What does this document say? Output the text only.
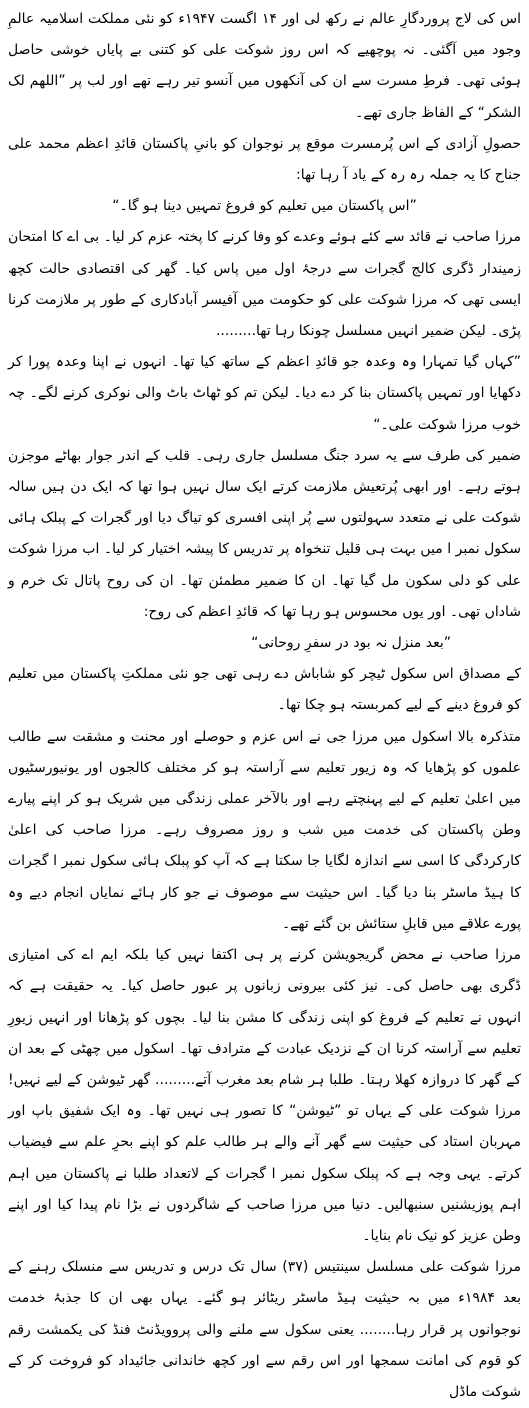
اس کی لاج پروردگارِ عالم نے رکھ لی اور ۱۴ اگست ۱۹۴۷ء کو نئی مملکت اسلامیہ عالمِ وجود میں آگئی۔ نہ پوچھیے کہ اس روز شوکت علی کو کتنی بے پایاں خوشی حاصل ہوئی تھی۔ فرطِ مسرت سے ان کی آنکھوں میں آنسو تیر رہے تھے اور لب پر ”اللھم لک الشکر“ کے الفاظ جاری تھے۔

حصولِ آزادی کے اس پُرمسرت موقع پر نوجوان کو بانیِ پاکستان قائدِ اعظم محمد علی جناح کا یہ جملہ رہ رہ کے یاد آ رہا تھا:

”اس پاکستان میں تعلیم کو فروغ تمہیں دینا ہو گا۔“

مرزا صاحب نے قائد سے کئے ہوئے وعدے کو وفا کرنے کا پختہ عزم کر لیا۔ بی اے کا امتحان زمیندار ڈگری کالج گجرات سے درجۂ اول میں پاس کیا۔ گھر کی اقتصادی حالت کچھ ایسی تھی کہ مرزا شوکت علی کو حکومت میں آفیسر آبادکاری کے طور پر ملازمت کرنا پڑی۔ لیکن ضمیر انہیں مسلسل چونکا رہا تھا.........

”کہاں گیا تمہارا وہ وعدہ جو قائدِ اعظم کے ساتھ کیا تھا۔ انہوں نے اپنا وعدہ پورا کر دکھایا اور تمہیں پاکستان بنا کر دے دیا۔ لیکن تم کو ٹھاٹ باٹ والی نوکری کرنے لگے۔ چہ خوب مرزا شوکت علی۔“

ضمیر کی طرف سے یہ سرد جنگ مسلسل جاری رہی۔ قلب کے اندر جوار بھاٹے موجزن ہوتے رہے۔ اور ابھی پُرتعیش ملازمت کرتے ایک سال نہیں ہوا تھا کہ ایک دن ہیں سالہ شوکت علی نے متعدد سہولتوں سے پُر اپنی افسری کو تیاگ دیا اور گجرات کے پبلک ہائی سکول نمبر ا میں بہت ہی قلیل تنخواہ پر تدریس کا پیشہ اختیار کر لیا۔ اب مرزا شوکت علی کو دلی سکون مل گیا تھا۔ ان کا ضمیر مطمئن تھا۔ ان کی روح پاتال تک خرم و شاداں تھی۔ اور یوں محسوس ہو رہا تھا کہ قائدِ اعظم کی روح:

”بعد منزل نہ بود در سفرِ روحانی“

کے مصداق اس سکول ٹیچر کو شاباش دے رہی تھی جو نئی مملکتِ پاکستان میں تعلیم کو فروغ دینے کے لیے کمربستہ ہو چکا تھا۔

متذکرہ بالا اسکول میں مرزا جی نے اس عزم و حوصلے اور محنت و مشقت سے طالب علموں کو پڑھایا کہ وہ زیور تعلیم سے آراستہ ہو کر مختلف کالجوں اور یونیورسٹیوں میں اعلیٰ تعلیم کے لیے پہنچتے رہے اور بالآخر عملی زندگی میں شریک ہو کر اپنے پیارے وطن پاکستان کی خدمت میں شب و روز مصروف رہے۔ مرزا صاحب کی اعلیٰ کارکردگی کا اسی سے اندازہ لگایا جا سکتا ہے کہ آپ کو پبلک ہائی سکول نمبر ا گجرات کا ہیڈ ماسٹر بنا دیا گیا۔ اس حیثیت سے موصوف نے جو کار ہائے نمایاں انجام دیے وہ پورے علاقے میں قابلِ ستائش بن گئے تھے۔

مرزا صاحب نے محض گریجویشن کرنے پر ہی اکتفا نہیں کیا بلکہ ایم اے کی امتیازی ڈگری بھی حاصل کی۔ نیز کئی بیرونی زبانوں پر عبور حاصل کیا۔ یہ حقیقت ہے کہ انہوں نے تعلیم کے فروغ کو اپنی زندگی کا مشن بنا لیا۔ بچوں کو پڑھانا اور انہیں زیورِ تعلیم سے آراستہ کرنا ان کے نزدیک عبادت کے مترادف تھا۔ اسکول میں چھٹی کے بعد ان کے گھر کا دروازہ کھلا رہتا۔ طلبا ہر شام بعد مغرب آتے......... گھر ٹیوشن کے لیے نہیں! مرزا شوکت علی کے یہاں تو ”ٹیوشن“ کا تصور ہی نہیں تھا۔ وہ ایک شفیق باپ اور مہربان استاد کی حیثیت سے گھر آنے والے ہر طالب علم کو اپنے بحرِ علم سے فیضیاب کرتے۔ یہی وجہ ہے کہ پبلک سکول نمبر ا گجرات کے لاتعداد طلبا نے پاکستان میں اہم اہم پوزیشنیں سنبھالیں۔ دنیا میں مرزا صاحب کے شاگردوں نے بڑا نام پیدا کیا اور اپنے وطن عزیز کو نیک نام بنایا۔

مرزا شوکت علی مسلسل سینتیس (۳۷) سال تک درس و تدریس سے منسلک رہنے کے بعد ۱۹۸۴ء میں بہ حیثیت ہیڈ ماسٹر ریٹائر ہو گئے۔ یہاں بھی ان کا جذبۂ خدمت نوجوانوں پر قرار رہا........ یعنی سکول سے ملنے والی پروویڈنٹ فنڈ کی یکمشت رقم کو قوم کی امانت سمجھا اور اس رقم سے اور کچھ خاندانی جائیداد کو فروخت کر کے شوکت ماڈل
